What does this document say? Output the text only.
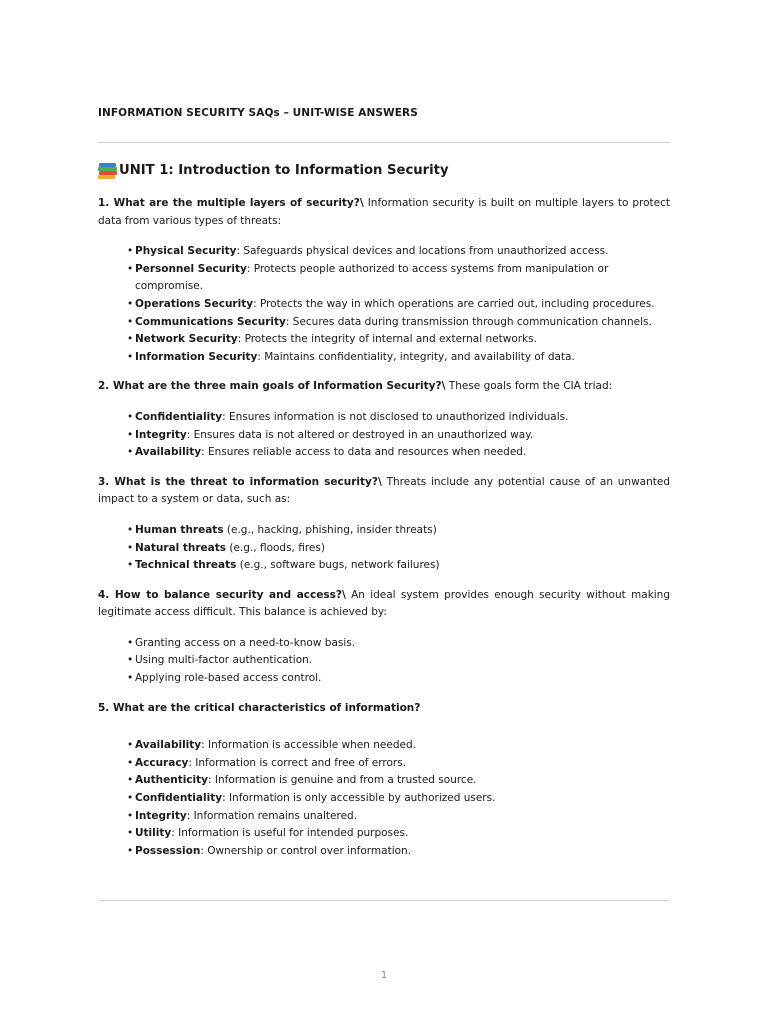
INFORMATION SECURITY SAQs – UNIT-WISE ANSWERS
UNIT 1: Introduction to Information Security

1. What are the multiple layers of security?\ Information security is built on multiple layers to protect data from various types of threats:

• Physical Security: Safeguards physical devices and locations from unauthorized access.
• Personnel Security: Protects people authorized to access systems from manipulation or compromise.
• Operations Security: Protects the way in which operations are carried out, including procedures.
• Communications Security: Secures data during transmission through communication channels.
• Network Security: Protects the integrity of internal and external networks.
• Information Security: Maintains confidentiality, integrity, and availability of data.

2. What are the three main goals of Information Security?\ These goals form the CIA triad:

• Confidentiality: Ensures information is not disclosed to unauthorized individuals.
• Integrity: Ensures data is not altered or destroyed in an unauthorized way.
• Availability: Ensures reliable access to data and resources when needed.

3. What is the threat to information security?\ Threats include any potential cause of an unwanted impact to a system or data, such as:

• Human threats (e.g., hacking, phishing, insider threats)
• Natural threats (e.g., floods, fires)
• Technical threats (e.g., software bugs, network failures)

4. How to balance security and access?\ An ideal system provides enough security without making legitimate access difficult. This balance is achieved by:

• Granting access on a need-to-know basis.
• Using multi-factor authentication.
• Applying role-based access control.

5. What are the critical characteristics of information?

• Availability: Information is accessible when needed.
• Accuracy: Information is correct and free of errors.
• Authenticity: Information is genuine and from a trusted source.
• Confidentiality: Information is only accessible by authorized users.
• Integrity: Information remains unaltered.
• Utility: Information is useful for intended purposes.
• Possession: Ownership or control over information.
1
